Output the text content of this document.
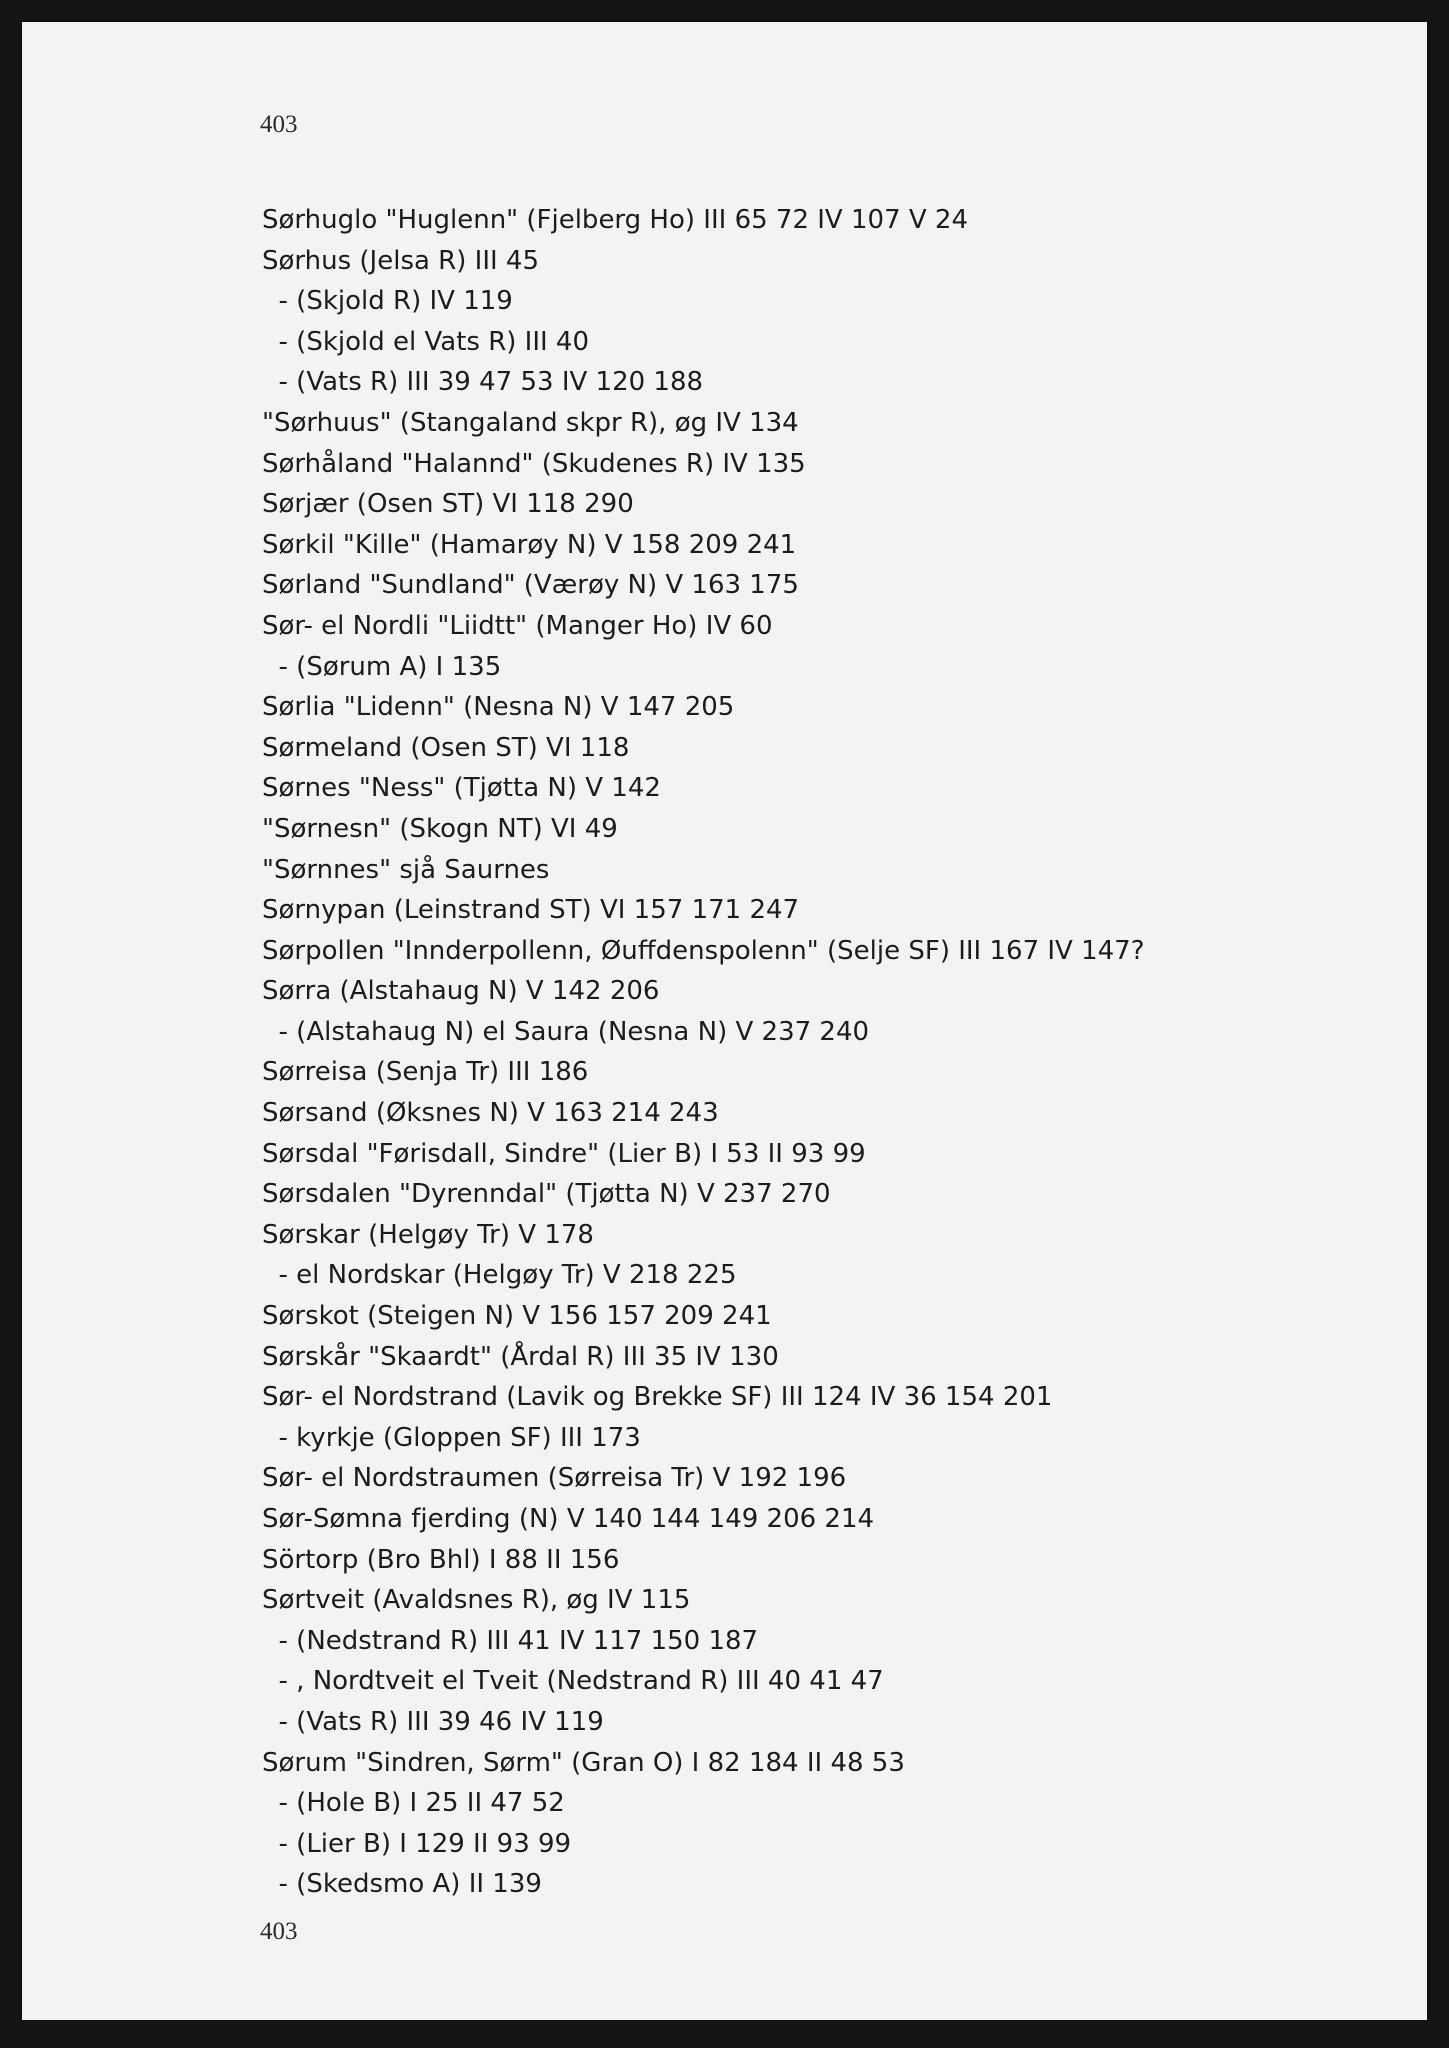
403
Sørhuglo "Huglenn" (Fjelberg Ho) III 65 72 IV 107 V 24
Sørhus (Jelsa R) III 45
- (Skjold R) IV 119
- (Skjold el Vats R) III 40
- (Vats R) III 39 47 53 IV 120 188
"Sørhuus" (Stangaland skpr R), øg IV 134
Sørhåland "Halannd" (Skudenes R) IV 135
Sørjær (Osen ST) VI 118 290
Sørkil "Kille" (Hamarøy N) V 158 209 241
Sørland "Sundland" (Værøy N) V 163 175
Sør- el Nordli "Liidtt" (Manger Ho) IV 60
- (Sørum A) I 135
Sørlia "Lidenn" (Nesna N) V 147 205
Sørmeland (Osen ST) VI 118
Sørnes "Ness" (Tjøtta N) V 142
"Sørnesn" (Skogn NT) VI 49
"Sørnnes" sjå Saurnes
Sørnypan (Leinstrand ST) VI 157 171 247
Sørpollen "Innderpollenn, Øuffdenspolenn" (Selje SF) III 167 IV 147?
Sørra (Alstahaug N) V 142 206
- (Alstahaug N) el Saura (Nesna N) V 237 240
Sørreisa (Senja Tr) III 186
Sørsand (Øksnes N) V 163 214 243
Sørsdal "Førisdall, Sindre" (Lier B) I 53 II 93 99
Sørsdalen "Dyrenndal" (Tjøtta N) V 237 270
Sørskar (Helgøy Tr) V 178
- el Nordskar (Helgøy Tr) V 218 225
Sørskot (Steigen N) V 156 157 209 241
Sørskår "Skaardt" (Årdal R) III 35 IV 130
Sør- el Nordstrand (Lavik og Brekke SF) III 124 IV 36 154 201
- kyrkje (Gloppen SF) III 173
Sør- el Nordstraumen (Sørreisa Tr) V 192 196
Sør-Sømna fjerding (N) V 140 144 149 206 214
Sörtorp (Bro Bhl) I 88 II 156
Sørtveit (Avaldsnes R), øg IV 115
- (Nedstrand R) III 41 IV 117 150 187
- , Nordtveit el Tveit (Nedstrand R) III 40 41 47
- (Vats R) III 39 46 IV 119
Sørum "Sindren, Sørm" (Gran O) I 82 184 II 48 53
- (Hole B) I 25 II 47 52
- (Lier B) I 129 II 93 99
- (Skedsmo A) II 139
403
